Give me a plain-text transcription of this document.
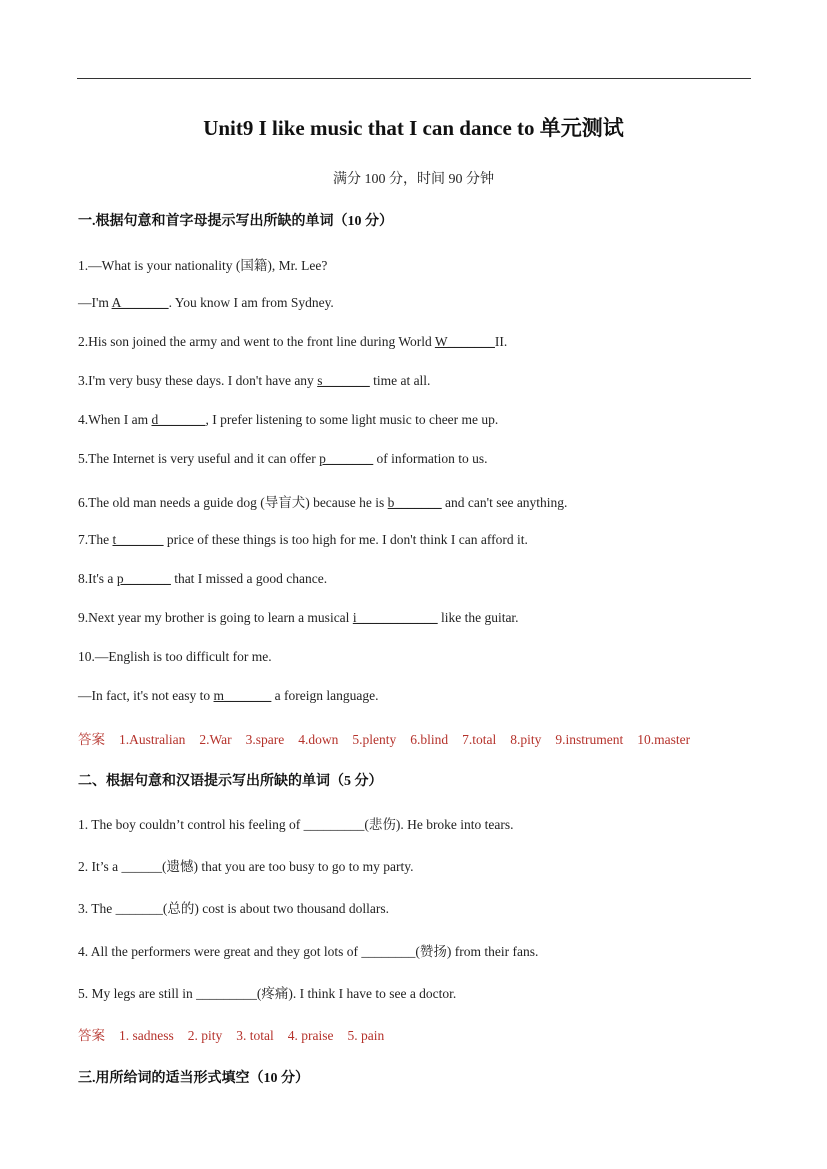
Unit9 I like music that I can dance to 单元测试
满分 100 分，时间 90 分钟
一.根据句意和首字母提示写出所缺的单词（10 分）
1.—What is your nationality (国籍), Mr. Lee?
—I'm A_______. You know I am from Sydney.
2.His son joined the army and went to the front line during World W_______II.
3.I'm very busy these days. I don't have any s_______ time at all.
4.When I am d_______, I prefer listening to some light music to cheer me up.
5.The Internet is very useful and it can offer p_______ of information to us.
6.The old man needs a guide dog (导盲犬) because he is b_______ and can't see anything.
7.The t_______ price of these things is too high for me. I don't think I can afford it.
8.It's a p_______ that I missed a good chance.
9.Next year my brother is going to learn a musical i____________ like the guitar.
10.—English is too difficult for me.
—In fact, it's not easy to m_______ a foreign language.
答案 1.Australian 2.War 3.spare 4.down 5.plenty 6.blind 7.total 8.pity 9.instrument 10.master
二、根据句意和汉语提示写出所缺的单词（5 分）
1. The boy couldn’t control his feeling of _________(悲伤). He broke into tears.
2. It’s a ______(遗憾) that you are too busy to go to my party.
3. The _______(总的) cost is about two thousand dollars.
4. All the performers were great and they got lots of ________(赞扬) from their fans.
5. My legs are still in _________(疼痛). I think I have to see a doctor.
答案 1. sadness 2. pity 3. total 4. praise 5. pain
三.用所给词的适当形式填空（10 分）
